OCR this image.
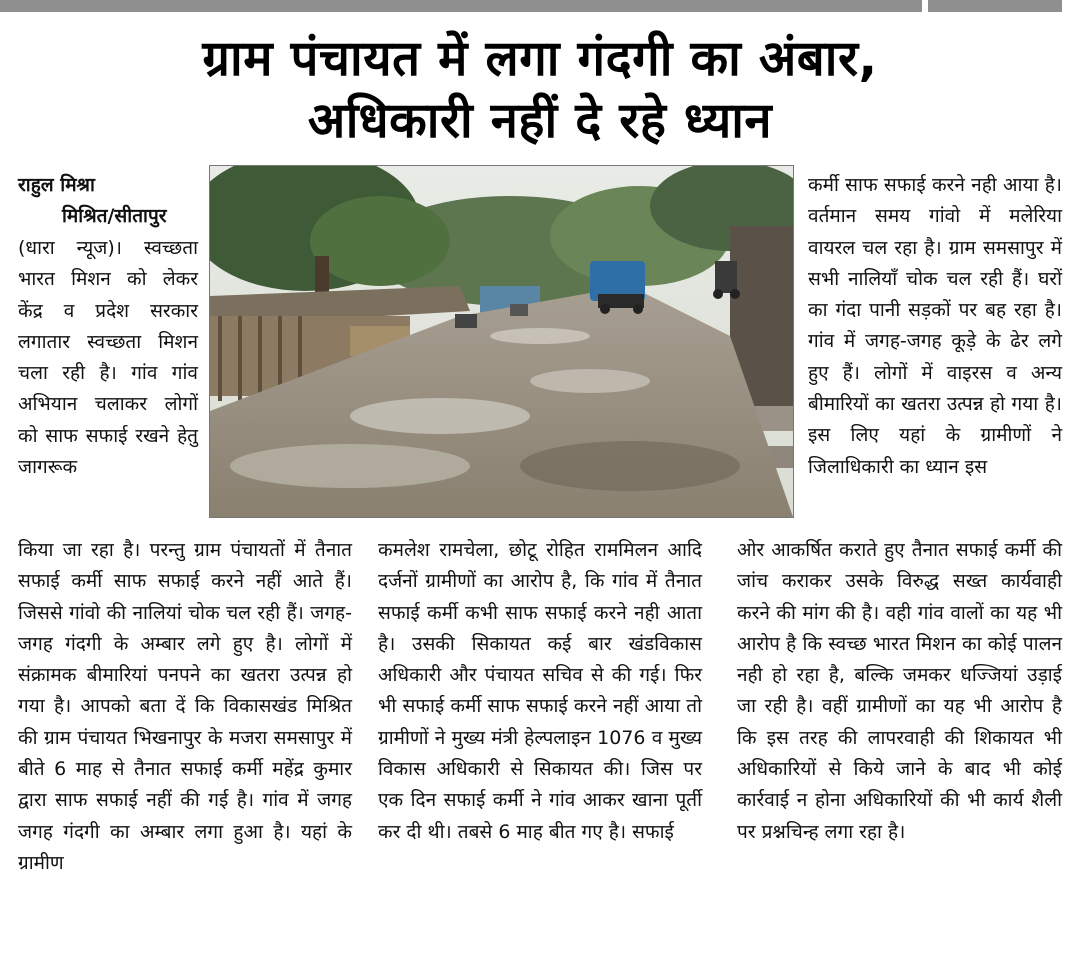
ग्राम पंचायत में लगा गंदगी का अंबार,
अधिकारी नहीं दे रहे ध्यान
राहुल मिश्रा
मिश्रित/सीतापुर

(धारा न्यूज)। स्वच्छता भारत मिशन को लेकर केंद्र व प्रदेश सरकार लगातार स्वच्छता मिशन चला रही है। गांव गांव अभियान चलाकर लोगों को साफ सफाई रखने हेतु जागरूक

कर्मी साफ सफाई करने नही आया है। वर्तमान समय गांवो में मलेरिया वायरल चल रहा है। ग्राम समसापुर में सभी नालियाँ चोक चल रही हैं। घरों का गंदा पानी सड़कों पर बह रहा है। गांव में जगह-जगह कूड़े के ढेर लगे हुए हैं। लोगों में वाइरस व अन्य बीमारियों का खतरा उत्पन्न हो गया है। इस लिए यहां के ग्रामीणों ने जिलाधिकारी का ध्यान इस

किया जा रहा है। परन्तु ग्राम पंचायतों में तैनात सफाई कर्मी साफ सफाई करने नहीं आते हैं। जिससे गांवो की नालियां चोक चल रही हैं। जगह-जगह गंदगी के अम्बार लगे हुए है। लोगों में संक्रामक बीमारियां पनपने का खतरा उत्पन्न हो गया है। आपको बता दें कि विकासखंड मिश्रित की ग्राम पंचायत भिखनापुर के मजरा समसापुर में बीते 6 माह से तैनात सफाई कर्मी महेंद्र कुमार द्वारा साफ सफाई नहीं की गई है। गांव में जगह जगह गंदगी का अम्बार लगा हुआ है। यहां के ग्रामीण

कमलेश रामचेला, छोटू रोहित राममिलन आदि दर्जनों ग्रामीणों का आरोप है, कि गांव में तैनात सफाई कर्मी कभी साफ सफाई करने नही आता है। उसकी सिकायत कई बार खंडविकास अधिकारी और पंचायत सचिव से की गई। फिर भी सफाई कर्मी साफ सफाई करने नहीं आया तो ग्रामीणों ने मुख्य मंत्री हेल्पलाइन 1076 व मुख्य विकास अधिकारी से सिकायत की। जिस पर एक दिन सफाई कर्मी ने गांव आकर खाना पूर्ती कर दी थी। तबसे 6 माह बीत गए है। सफाई

ओर आकर्षित कराते हुए तैनात सफाई कर्मी की जांच कराकर उसके विरुद्ध सख्त कार्यवाही करने की मांग की है। वही गांव वालों का यह भी आरोप है कि स्वच्छ भारत मिशन का कोई पालन नही हो रहा है, बल्कि जमकर धज्जियां उड़ाई जा रही है। वहीं ग्रामीणों का यह भी आरोप है कि इस तरह की लापरवाही की शिकायत भी अधिकारियों से किये जाने के बाद भी कोई कार्रवाई न होना अधिकारियों की भी कार्य शैली पर प्रश्नचिन्ह लगा रहा है।
